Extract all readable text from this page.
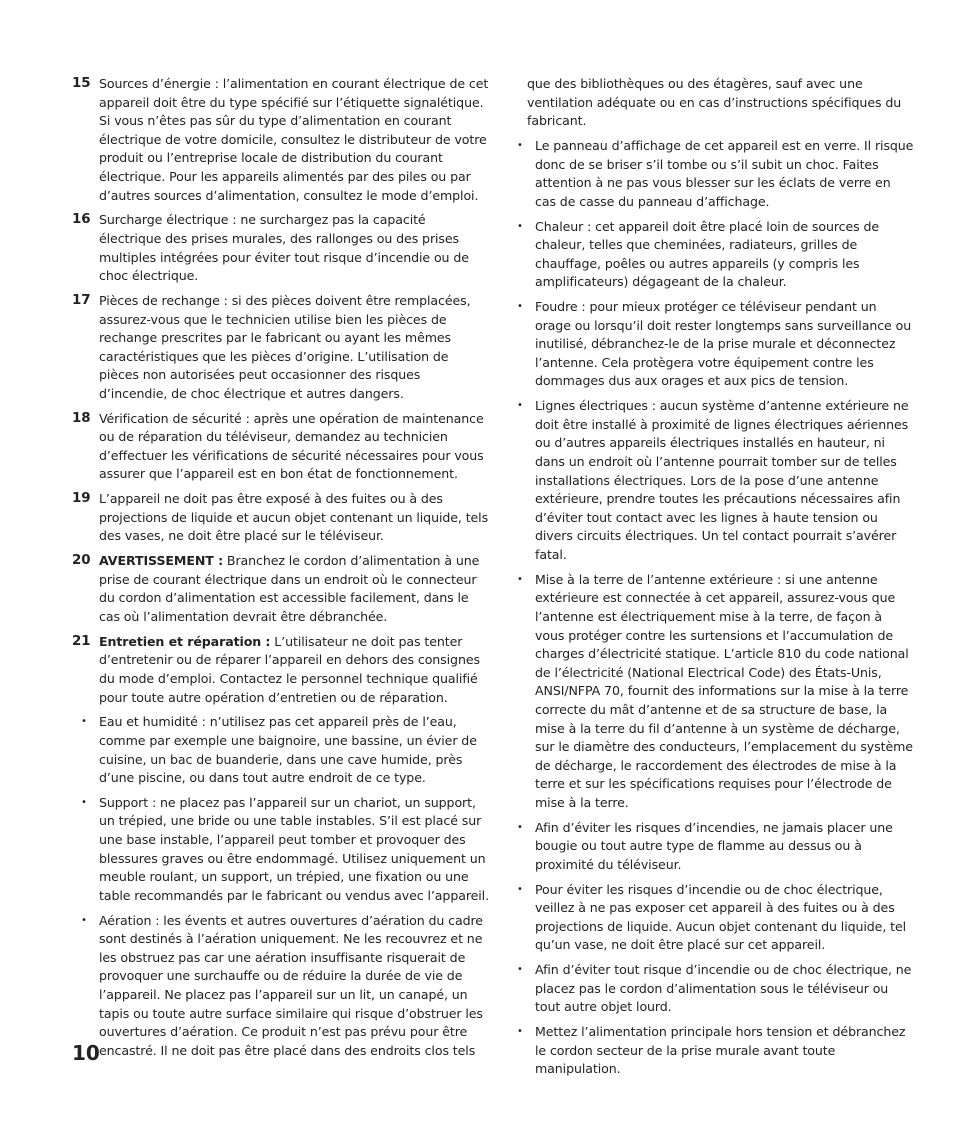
15 Sources d’énergie : l’alimentation en courant électrique de cet appareil doit être du type spécifié sur l’étiquette signalétique. Si vous n’êtes pas sûr du type d’alimentation en courant électrique de votre domicile, consultez le distributeur de votre produit ou l’entreprise locale de distribution du courant électrique. Pour les appareils alimentés par des piles ou par d’autres sources d’alimentation, consultez le mode d’emploi.
16 Surcharge électrique : ne surchargez pas la capacité électrique des prises murales, des rallonges ou des prises multiples intégrées pour éviter tout risque d’incendie ou de choc électrique.
17 Pièces de rechange : si des pièces doivent être remplacées, assurez-vous que le technicien utilise bien les pièces de rechange prescrites par le fabricant ou ayant les mêmes caractéristiques que les pièces d’origine. L’utilisation de pièces non autorisées peut occasionner des risques d’incendie, de choc électrique et autres dangers.
18 Vérification de sécurité : après une opération de maintenance ou de réparation du téléviseur, demandez au technicien d’effectuer les vérifications de sécurité nécessaires pour vous assurer que l’appareil est en bon état de fonctionnement.
19 L’appareil ne doit pas être exposé à des fuites ou à des projections de liquide et aucun objet contenant un liquide, tels des vases, ne doit être placé sur le téléviseur.
20 AVERTISSEMENT : Branchez le cordon d’alimentation à une prise de courant électrique dans un endroit où le connecteur du cordon d’alimentation est accessible facilement, dans le cas où l’alimentation devrait être débranchée.
21 Entretien et réparation : L’utilisateur ne doit pas tenter d’entretenir ou de réparer l’appareil en dehors des consignes du mode d’emploi. Contactez le personnel technique qualifié pour toute autre opération d’entretien ou de réparation.
• Eau et humidité : n’utilisez pas cet appareil près de l’eau, comme par exemple une baignoire, une bassine, un évier de cuisine, un bac de buanderie, dans une cave humide, près d’une piscine, ou dans tout autre endroit de ce type.
• Support : ne placez pas l’appareil sur un chariot, un support, un trépied, une bride ou une table instables. S’il est placé sur une base instable, l’appareil peut tomber et provoquer des blessures graves ou être endommagé. Utilisez uniquement un meuble roulant, un support, un trépied, une fixation ou une table recommandés par le fabricant ou vendus avec l’appareil.
• Aération : les évents et autres ouvertures d’aération du cadre sont destinés à l’aération uniquement. Ne les recouvrez et ne les obstruez pas car une aération insuffisante risquerait de provoquer une surchauffe ou de réduire la durée de vie de l’appareil. Ne placez pas l’appareil sur un lit, un canapé, un tapis ou toute autre surface similaire qui risque d’obstruer les ouvertures d’aération. Ce produit n’est pas prévu pour être encastré. Il ne doit pas être placé dans des endroits clos tels
que des bibliothèques ou des étagères, sauf avec une ventilation adéquate ou en cas d’instructions spécifiques du fabricant.
• Le panneau d’affichage de cet appareil est en verre. Il risque donc de se briser s’il tombe ou s’il subit un choc. Faites attention à ne pas vous blesser sur les éclats de verre en cas de casse du panneau d’affichage.
• Chaleur : cet appareil doit être placé loin de sources de chaleur, telles que cheminées, radiateurs, grilles de chauffage, poêles ou autres appareils (y compris les amplificateurs) dégageant de la chaleur.
• Foudre : pour mieux protéger ce téléviseur pendant un orage ou lorsqu’il doit rester longtemps sans surveillance ou inutilisé, débranchez-le de la prise murale et déconnectez l’antenne. Cela protègera votre équipement contre les dommages dus aux orages et aux pics de tension.
• Lignes électriques : aucun système d’antenne extérieure ne doit être installé à proximité de lignes électriques aériennes ou d’autres appareils électriques installés en hauteur, ni dans un endroit où l’antenne pourrait tomber sur de telles installations électriques. Lors de la pose d’une antenne extérieure, prendre toutes les précautions nécessaires afin d’éviter tout contact avec les lignes à haute tension ou divers circuits électriques. Un tel contact pourrait s’avérer fatal.
• Mise à la terre de l’antenne extérieure : si une antenne extérieure est connectée à cet appareil, assurez-vous que l’antenne est électriquement mise à la terre, de façon à vous protéger contre les surtensions et l’accumulation de charges d’électricité statique. L’article 810 du code national de l’électricité (National Electrical Code) des États-Unis, ANSI/NFPA 70, fournit des informations sur la mise à la terre correcte du mât d’antenne et de sa structure de base, la mise à la terre du fil d’antenne à un système de décharge, sur le diamètre des conducteurs, l’emplacement du système de décharge, le raccordement des électrodes de mise à la terre et sur les spécifications requises pour l’électrode de mise à la terre.
• Afin d’éviter les risques d’incendies, ne jamais placer une bougie ou tout autre type de flamme au dessus ou à proximité du téléviseur.
• Pour éviter les risques d’incendie ou de choc électrique, veillez à ne pas exposer cet appareil à des fuites ou à des projections de liquide. Aucun objet contenant du liquide, tel qu’un vase, ne doit être placé sur cet appareil.
• Afin d’éviter tout risque d’incendie ou de choc électrique, ne placez pas le cordon d’alimentation sous le téléviseur ou tout autre objet lourd.
• Mettez l’alimentation principale hors tension et débranchez le cordon secteur de la prise murale avant toute manipulation.
10
